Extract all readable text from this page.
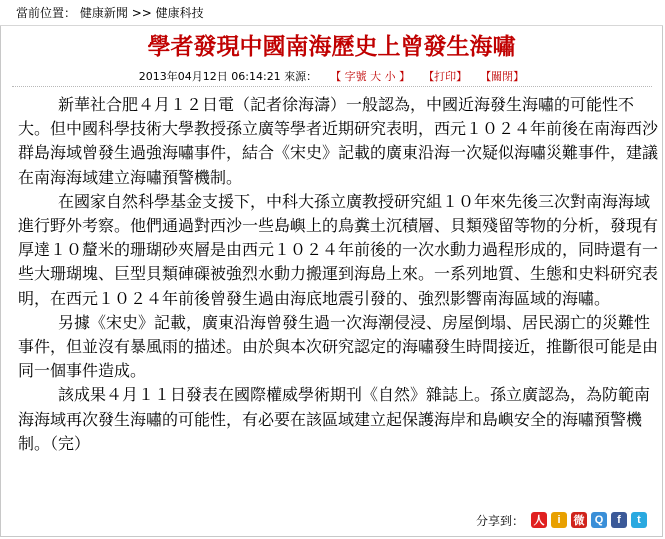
當前位置： 健康新聞 >> 健康科技
學者發現中國南海歷史上曾發生海嘯
2013年04月12日 06:14:21 來源： 【 字號 大 小 】 【打印】 【關閉】

新華社合肥４月１２日電（記者徐海濤）一般認為，中國近海發生海嘯的可能性不大。但中國科學技術大學教授孫立廣等學者近期研究表明，西元１０２４年前後在南海西沙群島海域曾發生過強海嘯事件，結合《宋史》記載的廣東沿海一次疑似海嘯災難事件，建議在南海海域建立海嘯預警機制。

在國家自然科學基金支援下，中科大孫立廣教授研究組１０年來先後三次對南海海域進行野外考察。他們通過對西沙一些島嶼上的鳥糞土沉積層、貝類殘留等物的分析，發現有厚達１０釐米的珊瑚砂夾層是由西元１０２４年前後的一次水動力過程形成的，同時還有一些大珊瑚塊、巨型貝類硨磲被強烈水動力搬運到海島上來。一系列地質、生態和史料研究表明，在西元１０２４年前後曾發生過由海底地震引發的、強烈影響南海區域的海嘯。

另據《宋史》記載，廣東沿海曾發生過一次海潮侵浸、房屋倒塌、居民溺亡的災難性事件，但並沒有暴風雨的描述。由於與本次研究認定的海嘯發生時間接近，推斷很可能是由同一個事件造成。

該成果４月１１日發表在國際權威學術期刊《自然》雜誌上。孫立廣認為，為防範南海海域再次發生海嘯的可能性，有必要在該區域建立起保護海岸和島嶼安全的海嘯預警機制。（完）

分享到： 人	i	微 Q	f	t
